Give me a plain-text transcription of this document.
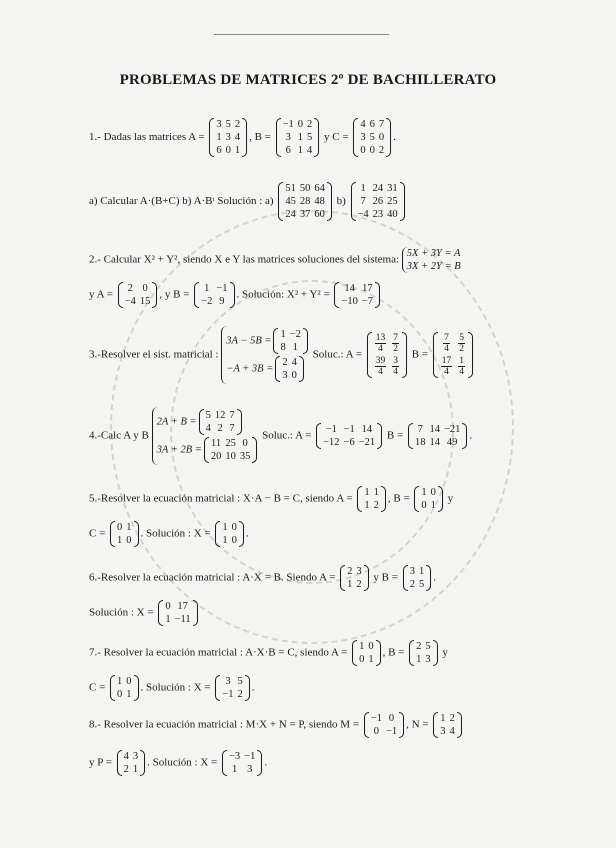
PROBLEMAS DE MATRICES 2º DE BACHILLERATO
1.- Dadas las matrices A =
3	5	2
1	3	4
6	0	1
, B =
−1	0	2
3	1	5
6	1	4
y C =
4	6	7
3	5	0
0	0	2
.
a) Calcular A·(B+C) b) A·Bᵗ Solución : a)
51	50	64
45	28	48
24	37	60
b)
1	24	31
7	26	25
−4	23	40
2.- Calcular X² + Y², siendo X e Y las matrices soluciones del sistema:
5X + 3Y = A
3X + 2Y = B
y A =
2	0
−4	15
, y B =
1	−1
−2	9
. Solución: X² + Y² =
14	17
−10	−7
3.-Resolver el sist. matricial :
3A − 5B =
1	−2
8	1
−A + 3B =
2	4
3	0
Soluc.: A =
$\frac{13}{4}$	$\frac{7}{2}$

$\frac{39}{4}$	$\frac{3}{4}$
B =
$\frac{7}{4}$	$\frac{5}{2}$

$\frac{17}{4}$	$\frac{1}{4}$
4.-Calc A y B
2A + B =
5	12	7
4	2	7
3A + 2B =
11	25	0
20	10	35
Soluc.: A =
−1	−1	14
−12	−6	−21
B =
7	14	−21
18	14	49
.
5.-Resolver la ecuación matricial : X·A − B = C, siendo A =
1	1
1	2
, B =
1	0
0	1
y
C =
0	1
1	0
. Solución : X =
1	0
1	0
.
6.-Resolver la ecuación matricial : A·X = B. Siendo A =
2	3
1	2
y B =
3	1
2	5
.
Solución : X =
0	17
1	−11
7.- Resolver la ecuación matricial : A·X·B = C, siendo A =
1	0
0	1
, B =
2	5
1	3
y
C =
1	0
0	1
. Solución : X =
3	5
−1	2
.
8.- Resolver la ecuación matricial : M·X + N = P, siendo M =
−1	0
0	−1
, N =
1	2
3	4
y P =
4	3
2	1
. Solución : X =
−3	−1
1	3
.
